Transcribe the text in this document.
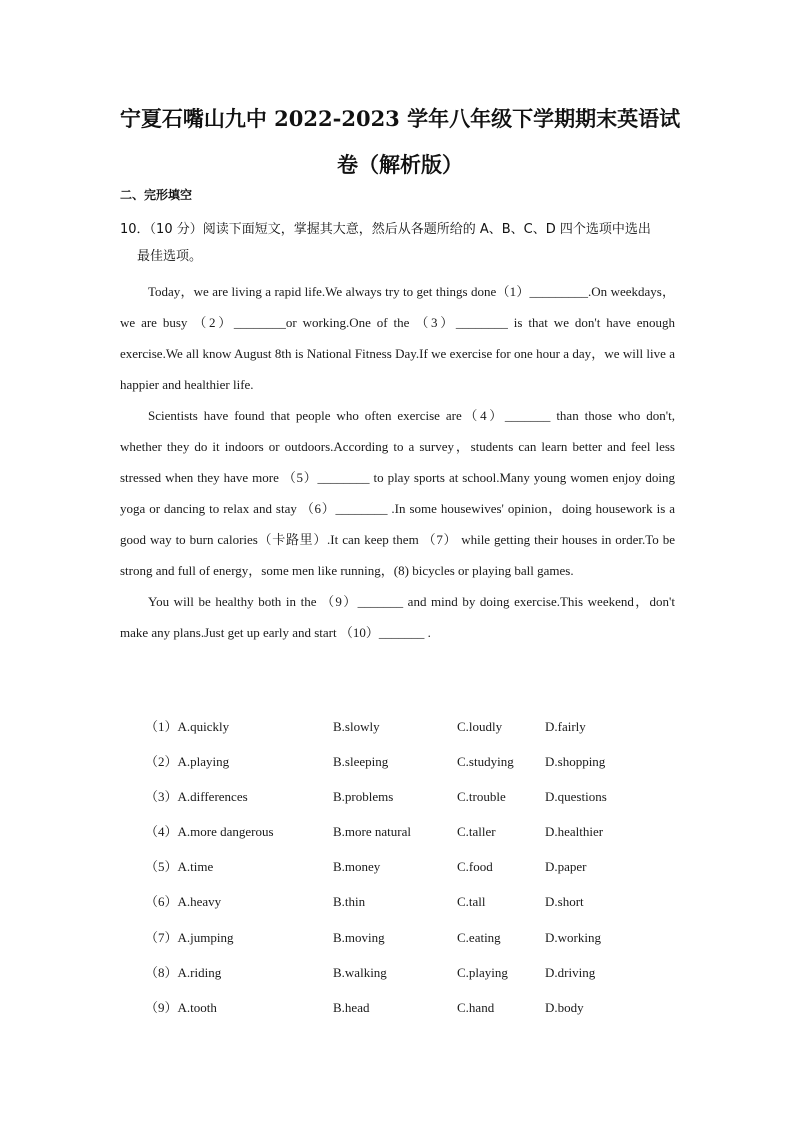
宁夏石嘴山九中 2022-2023 学年八年级下学期期末英语试卷（解析版）
二、完形填空
10．（10 分）阅读下面短文，掌握其大意，然后从各题所给的 A、B、C、D 四个选项中选出
最佳选项。

Today，we are living a rapid life.We always try to get things done（1）_________.On weekdays，we are busy （2）________or working.One of the （3）________ is that we don't have enough exercise.We all know August 8th is National Fitness Day.If we exercise for one hour a day，we will live a happier and healthier life.

Scientists have found that people who often exercise are（4）_______ than those who don't, whether they do it indoors or outdoors.According to a survey，students can learn better and feel less stressed when they have more （5）________ to play sports at school.Many young women enjoy doing yoga or dancing to relax and stay （6）________ .In some housewives' opinion，doing housework is a good way to burn calories（卡路里）.It can keep them （7） while getting their houses in order.To be strong and full of energy，some men like running，(8) bicycles or playing ball games.

You will be healthy both in the （9）_______ and mind by doing exercise.This weekend，don't make any plans.Just get up early and start （10）_______ .

（1）A.quickly	B.slowly	C.loudly	D.fairly
（2）A.playing	B.sleeping	C.studying D.shopping
（3）A.differences	B.problems	C.trouble	D.questions
（4）A.more dangerous	B.more natural	C.taller	D.healthier
（5）A.time	B.money	C.food	D.paper
（6）A.heavy	B.thin	C.tall	D.short
（7）A.jumping	B.moving	C.eating	D.working
（8）A.riding	B.walking	C.playing	D.driving
（9）A.tooth	B.head	C.hand	D.body
